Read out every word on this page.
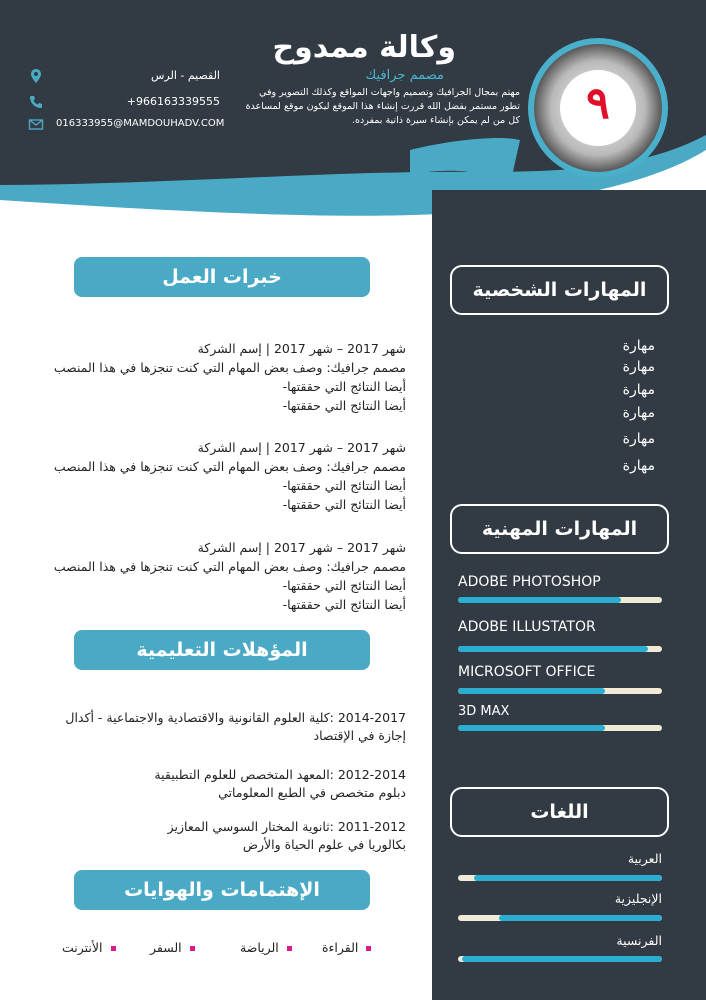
وكالة ممدوح
مصمم جرافيك
مهتم بمجال الجرافيك وتصميم واجهات المواقع وكذلك التصوير وفي تطور مستمر بفضل الله قررت إنشاء هذا الموقع ليكون موقع لمساعدة كل من لم يمكن بإنشاء سيرة ذاتية بمفرده.
القصيم - الرس
+966163339555
016333955@MAMDOUHADV.COM	٩
خبرات العمل
شهر 2017 – شهر 2017 | إسم الشركة
مصمم جرافيك: وصف بعض المهام التي كنت تنجزها في هذا المنصب
أيضا النتائج التي حققتها-
أيضا النتائج التي حققتها-
شهر 2017 – شهر 2017 | إسم الشركة
مصمم جرافيك: وصف بعض المهام التي كنت تنجزها في هذا المنصب
أيضا النتائج التي حققتها-
أيضا النتائج التي حققتها-
شهر 2017 – شهر 2017 | إسم الشركة
مصمم جرافيك: وصف بعض المهام التي كنت تنجزها في هذا المنصب
أيضا النتائج التي حققتها-
أيضا النتائج التي حققتها-
المؤهلات التعليمية
2014-2017 :كلية العلوم القانونية والاقتصادية والاجتماعية - أكدال
إجازة في الإقتصاد
2012-2014 :المعهد المتخصص للعلوم التطبيقية
دبلوم متخصص في الطبع المعلوماتي
2011-2012 :ثانوية المختار السوسي المعازيز
بكالوريا في علوم الحياة والأرض
الإهتمامات والهوايات
القراءة
الرياضة
السفر
الأنترنت
المهارات الشخصية
مهارة
مهارة
مهارة
مهارة
مهارة
مهارة
المهارات المهنية
ADOBE PHOTOSHOP
ADOBE ILLUSTATOR
MICROSOFT OFFICE
3D MAX
اللغات
العربية
الإنجليزية
الفرنسية
